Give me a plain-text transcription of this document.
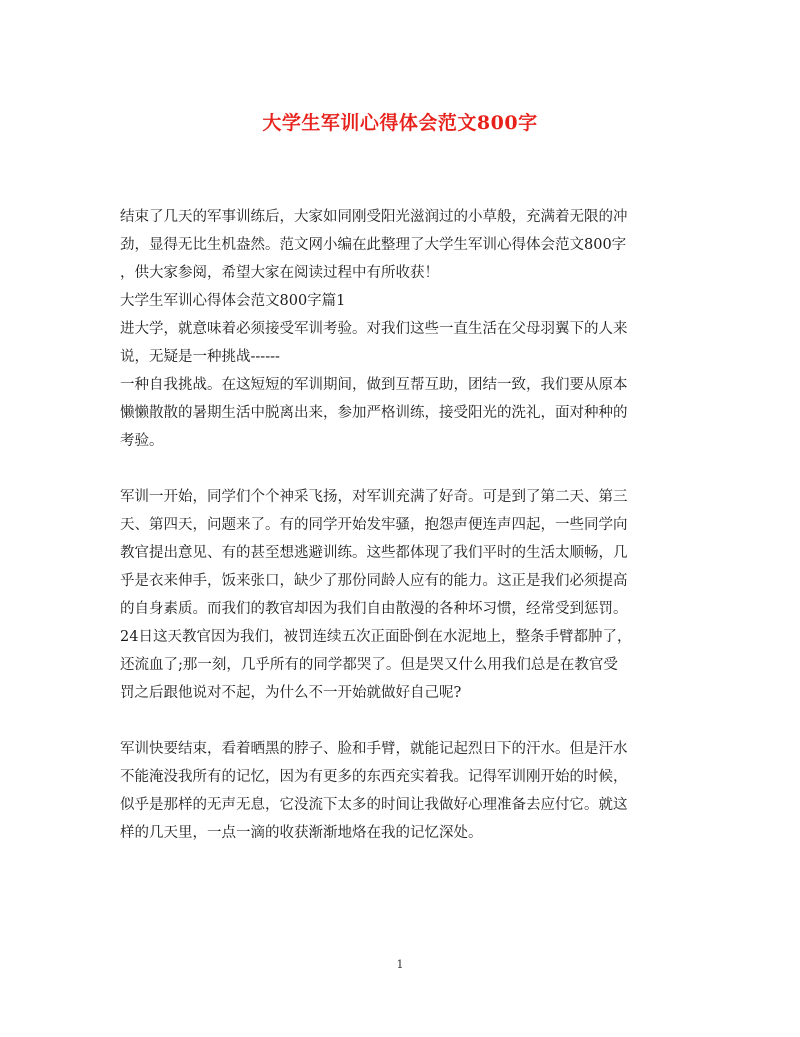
大学生军训心得体会范文800字
结束了几天的军事训练后，大家如同刚受阳光滋润过的小草般，充满着无限的冲
劲，显得无比生机盎然。范文网小编在此整理了大学生军训心得体会范文800字
，供大家参阅，希望大家在阅读过程中有所收获！
大学生军训心得体会范文800字篇1
进大学，就意味着必须接受军训考验。对我们这些一直生活在父母羽翼下的人来
说，无疑是一种挑战------
一种自我挑战。在这短短的军训期间，做到互帮互助，团结一致，我们要从原本
懒懒散散的暑期生活中脱离出来，参加严格训练，接受阳光的洗礼，面对种种的
考验。
军训一开始，同学们个个神采飞扬，对军训充满了好奇。可是到了第二天、第三
天、第四天，问题来了。有的同学开始发牢骚，抱怨声便连声四起，一些同学向
教官提出意见、有的甚至想逃避训练。这些都体现了我们平时的生活太顺畅，几
乎是衣来伸手，饭来张口，缺少了那份同龄人应有的能力。这正是我们必须提高
的自身素质。而我们的教官却因为我们自由散漫的各种坏习惯，经常受到惩罚。
24日这天教官因为我们，被罚连续五次正面卧倒在水泥地上，整条手臂都肿了，
还流血了;那一刻，几乎所有的同学都哭了。但是哭又什么用我们总是在教官受
罚之后跟他说对不起，为什么不一开始就做好自己呢?
军训快要结束，看着晒黑的脖子、脸和手臂，就能记起烈日下的汗水。但是汗水
不能淹没我所有的记忆，因为有更多的东西充实着我。记得军训刚开始的时候，
似乎是那样的无声无息，它没流下太多的时间让我做好心理准备去应付它。就这
样的几天里，一点一滴的收获渐渐地烙在我的记忆深处。
1
